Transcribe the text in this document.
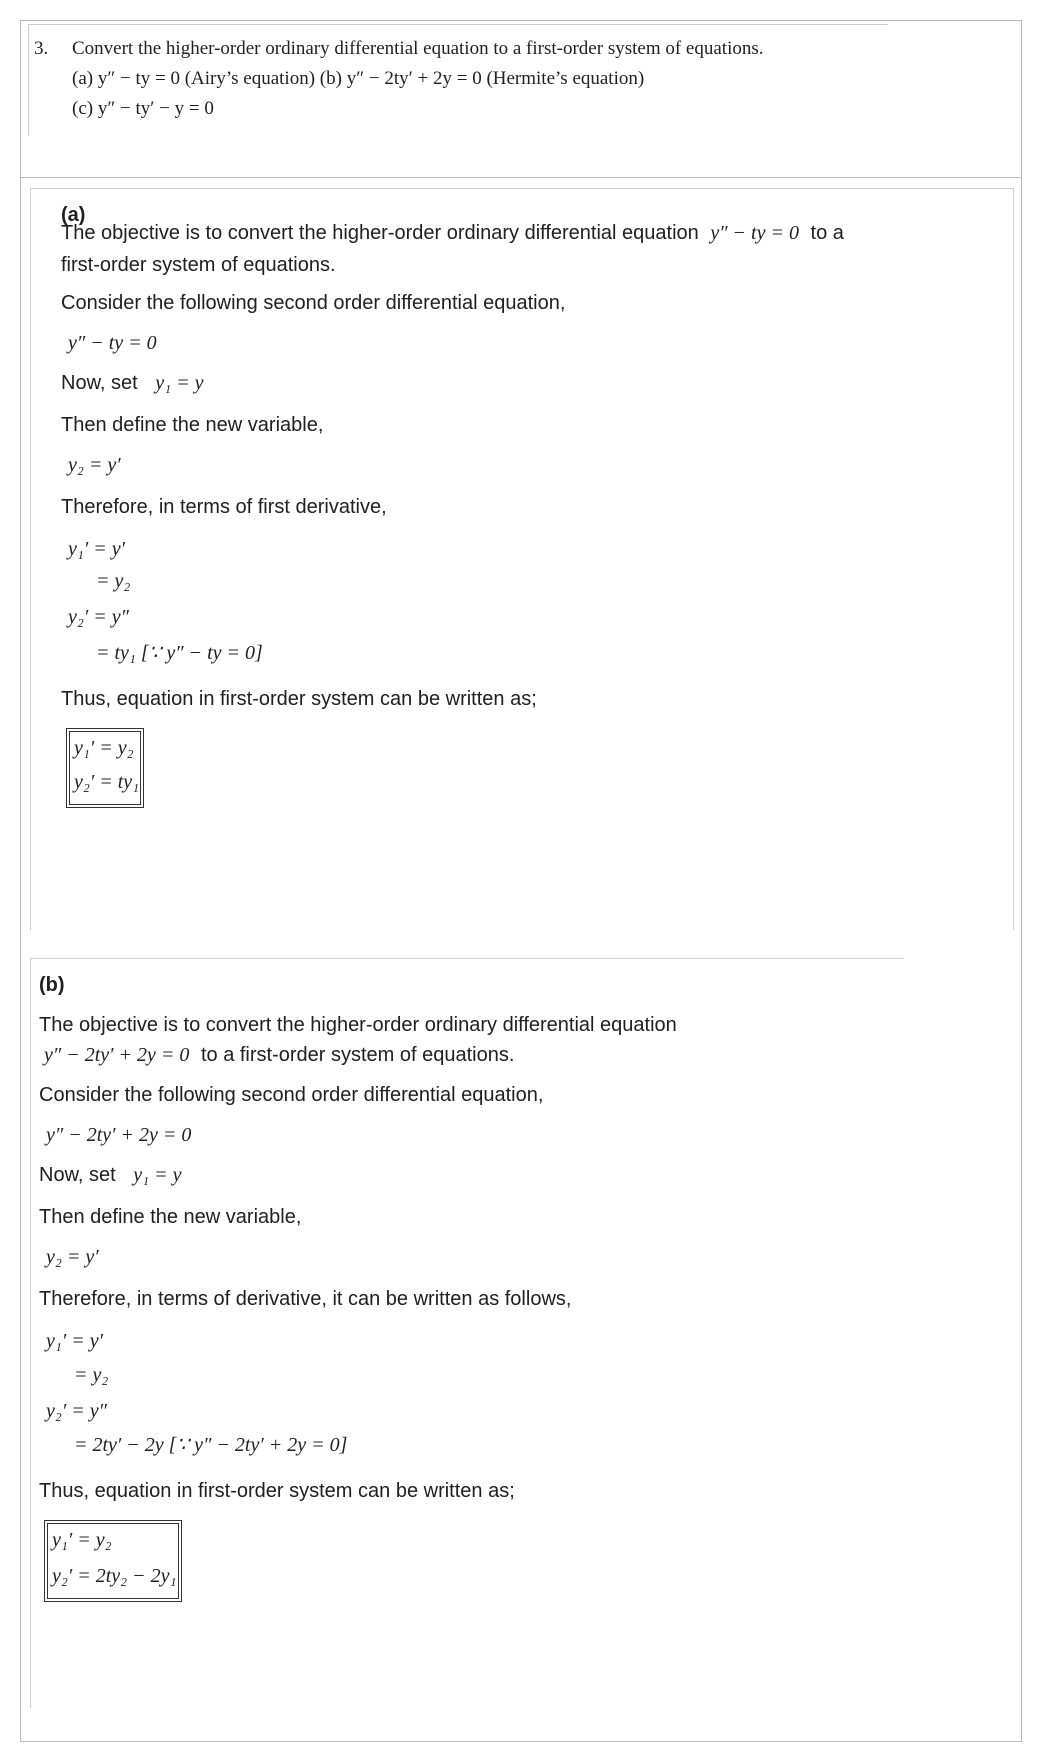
3. Convert the higher-order ordinary differential equation to a first-order system of equations.
(a) y″ − ty = 0 (Airy’s equation) (b) y″ − 2ty′ + 2y = 0 (Hermite’s equation)
(c) y″ − ty′ − y = 0
(a)
The objective is to convert the higher-order ordinary differential equation y″ − ty = 0 to a
first-order system of equations.
Consider the following second order differential equation,
y″ − ty = 0
Now, set y₁ = y
Then define the new variable,
y₂ = y′
Therefore, in terms of first derivative,
y₁′ = y′
= y₂
y₂′ = y″
= ty₁ [∵ y″ − ty = 0]
Thus, equation in first-order system can be written as;
y₁′ = y₂
y₂′ = ty₁
(b)
The objective is to convert the higher-order ordinary differential equation
y″ − 2ty′ + 2y = 0 to a first-order system of equations.
Consider the following second order differential equation,
y″ − 2ty′ + 2y = 0
Now, set y₁ = y
Then define the new variable,
y₂ = y′
Therefore, in terms of derivative, it can be written as follows,
y₁′ = y′
= y₂
y₂′ = y″
= 2ty′ − 2y [∵ y″ − 2ty′ + 2y = 0]
Thus, equation in first-order system can be written as;
y₁′ = y₂
y₂′ = 2ty₂ − 2y₁
